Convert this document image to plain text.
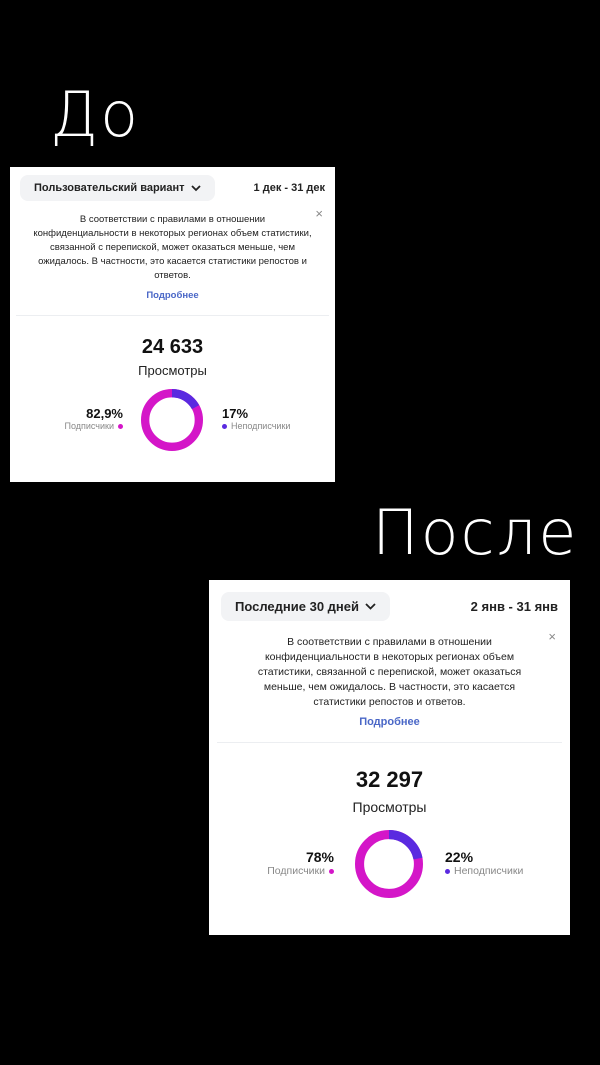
До
Пользовательский вариант	1 дек - 31 дек
×
В соответствии с правилами в отношении конфиденциальности в некоторых регионах объем статистики, связанной с перепиской, может оказаться меньше, чем ожидалось. В частности, это касается статистики репостов и ответов.
Подробнее
24 633
Просмотры
82,9%
Подписчики
17%
Неподписчики
После
Последние 30 дней	2 янв - 31 янв
×
В соответствии с правилами в отношении конфиденциальности в некоторых регионах объем статистики, связанной с перепиской, может оказаться меньше, чем ожидалось. В частности, это касается статистики репостов и ответов.
Подробнее
32 297
Просмотры
78%
Подписчики
22%
Неподписчики
